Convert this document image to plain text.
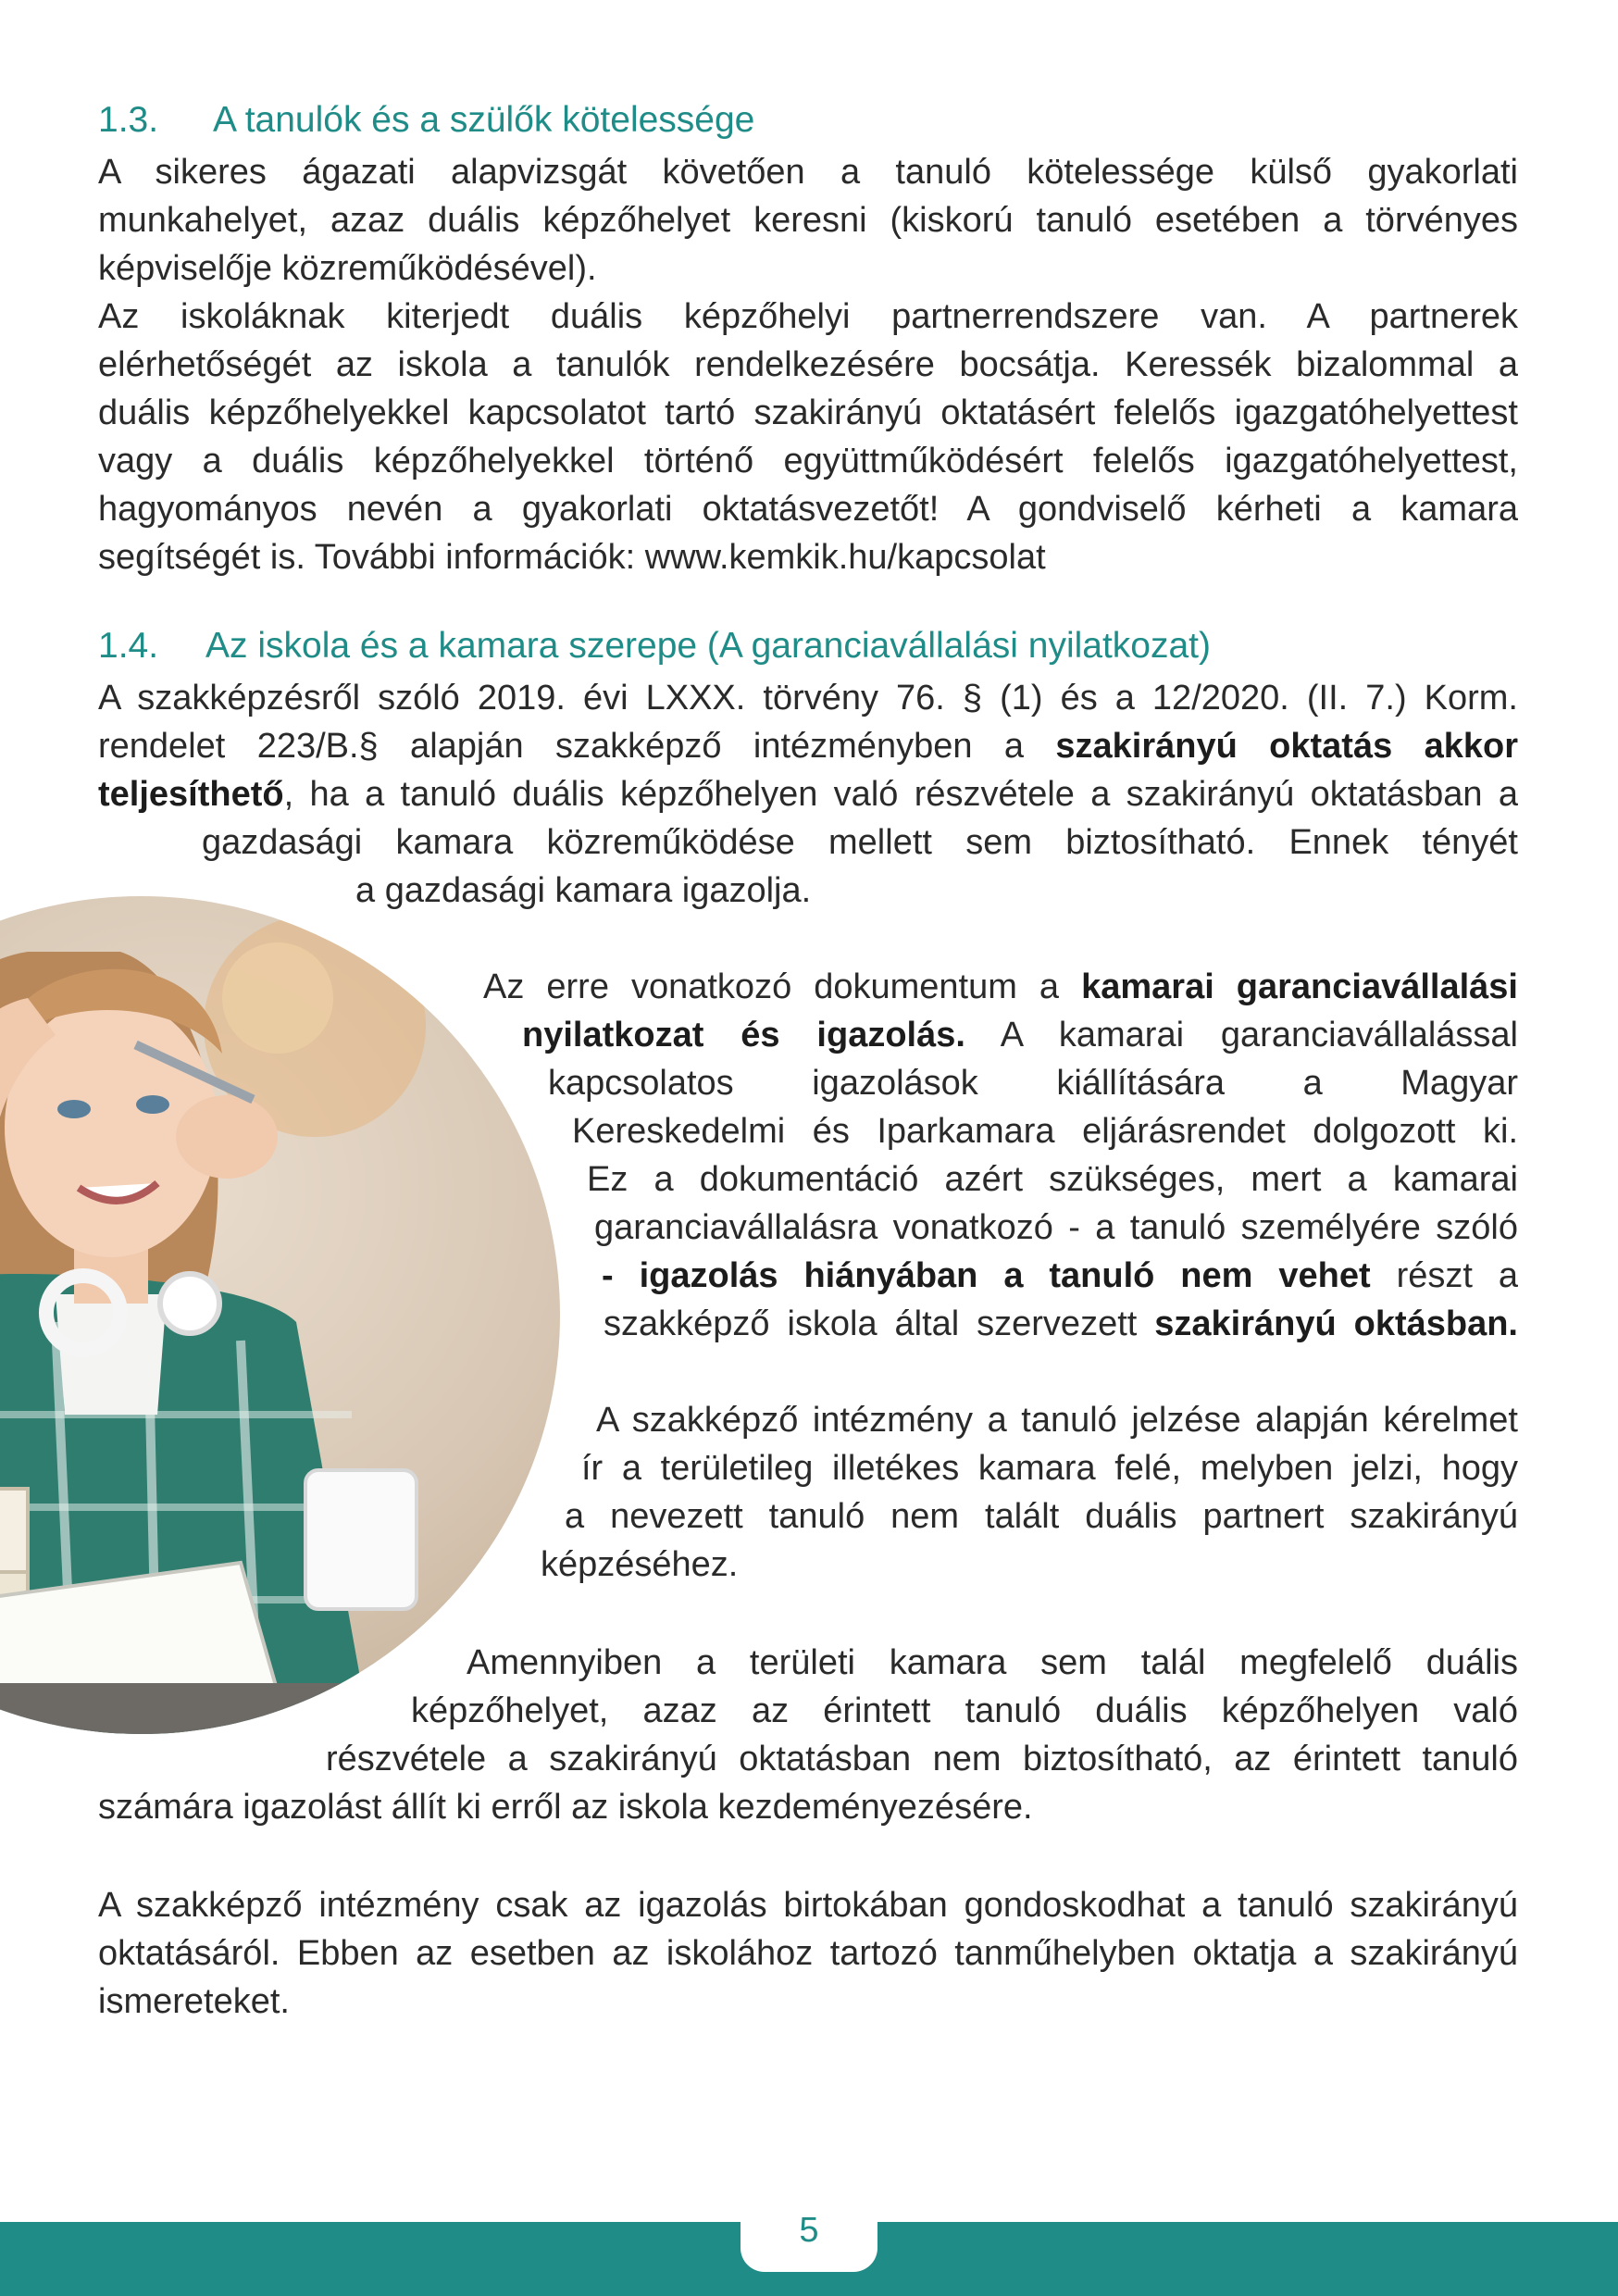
1.3. A tanulók és a szülők kötelessége
A sikeres ágazati alapvizsgát követően a tanuló kötelessége külső gyakorlati
munkahelyet, azaz duális képzőhelyet keresni (kiskorú tanuló esetében a törvényes
képviselője közreműködésével).
Az iskoláknak kiterjedt duális képzőhelyi partnerrendszere van. A partnerek
elérhetőségét az iskola a tanulók rendelkezésére bocsátja. Keressék bizalommal a
duális képzőhelyekkel kapcsolatot tartó szakirányú oktatásért felelős igazgatóhelyettest
vagy a duális képzőhelyekkel történő együttműködésért felelős igazgatóhelyettest,
hagyományos nevén a gyakorlati oktatásvezetőt! A gondviselő kérheti a kamara
segítségét is. További információk: www.kemkik.hu/kapcsolat
1.4. Az iskola és a kamara szerepe (A garanciavállalási nyilatkozat)
A szakképzésről szóló 2019. évi LXXX. törvény 76. § (1) és a 12/2020. (II. 7.) Korm.
rendelet 223/B.§ alapján szakképző intézményben a szakirányú oktatás akkor
teljesíthető, ha a tanuló duális képzőhelyen való részvétele a szakirányú oktatásban a
gazdasági kamara közreműködése mellett sem biztosítható. Ennek tényét
a gazdasági kamara igazolja.
Az erre vonatkozó dokumentum a kamarai garanciavállalási
nyilatkozat és igazolás. A kamarai garanciavállalással
kapcsolatos igazolások kiállítására a Magyar
Kereskedelmi és Iparkamara eljárásrendet dolgozott ki.
Ez a dokumentáció azért szükséges, mert a kamarai
garanciavállalásra vonatkozó - a tanuló személyére szóló
- igazolás hiányában a tanuló nem vehet részt a
szakképző iskola által szervezett szakirányú oktásban.
A szakképző intézmény a tanuló jelzése alapján kérelmet
ír a területileg illetékes kamara felé, melyben jelzi, hogy
a nevezett tanuló nem talált duális partnert szakirányú
képzéséhez.
Amennyiben a területi kamara sem talál megfelelő duális
képzőhelyet, azaz az érintett tanuló duális képzőhelyen való
részvétele a szakirányú oktatásban nem biztosítható, az érintett tanuló
számára igazolást állít ki erről az iskola kezdeményezésére.
A szakképző intézmény csak az igazolás birtokában gondoskodhat a tanuló szakirányú
oktatásáról. Ebben az esetben az iskolához tartozó tanműhelyben oktatja a szakirányú
ismereteket.
5
